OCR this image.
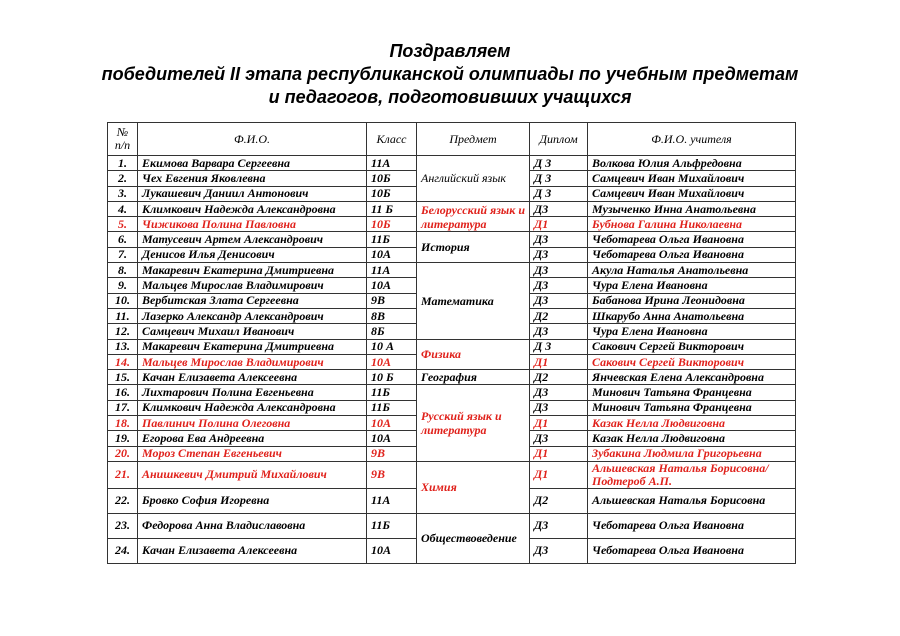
Поздравляем
победителей II этапа республиканской олимпиады по учебным предметам
и педагогов, подготовивших учащихся
№ п/п	Ф.И.О.	Класс	Предмет	Диплом	Ф.И.О. учителя
1.	Екимова Варвара Сергеевна	11А	Английский язык	Д 3	Волкова Юлия Альфредовна
2.	Чех Евгения Яковлевна	10Б		Д 3	Самцевич Иван Михайлович
3.	Лукашевич Даниил Антонович	10Б		Д 3	Самцевич Иван Михайлович
4.	Климкович Надежда Александровна	11 Б	Белорусский язык и литература	Д3	Музыченко Инна Анатольевна
5.	Чижикова Полина Павловна	10Б		Д1	Бубнова Галина Николаевна
6.	Матусевич Артем Александрович	11Б	История	Д3	Чеботарева Ольга Ивановна
7.	Денисов Илья Денисович	10А		Д3	Чеботарева Ольга Ивановна
8.	Макаревич Екатерина Дмитриевна	11А	Математика	Д3	Акула Наталья Анатольевна
9.	Мальцев Мирослав Владимирович	10А		Д3	Чура Елена Ивановна
10.	Вербитская Злата Сергеевна	9В		Д3	Бабанова Ирина Леонидовна
11.	Лазерко Александр Александрович	8В		Д2	Шкарубо Анна Анатольевна
12.	Самцевич Михаил Иванович	8Б		Д3	Чура Елена Ивановна
13.	Макаревич Екатерина Дмитриевна	10 А	Физика	Д 3	Сакович Сергей Викторович
14.	Мальцев Мирослав Владимирович	10А		Д1	Сакович Сергей Викторович
15.	Качан Елизавета Алексеевна	10 Б	География	Д2	Янчевская Елена Александровна
16.	Лихтарович Полина Евгеньевна	11Б	Русский язык и литература	Д3	Минович Татьяна Францевна
17.	Климкович Надежда Александровна	11Б		Д3	Минович Татьяна Францевна
18.	Павлинич Полина Олеговна	10А		Д1	Казак Нелла Людвиговна
19.	Егорова Ева Андреевна	10А		Д3	Казак Нелла Людвиговна
20.	Мороз Степан Евгеньевич	9В		Д1	Зубакина Людмила Григорьевна
21.	Анишкевич Дмитрий Михайлович	9В	Химия	Д1	Альшевская Наталья Борисовна/ Подтероб А.П.
22.	Бровко София Игоревна	11А		Д2	Альшевская Наталья Борисовна
23.	Федорова Анна Владиславовна	11Б	Обществоведение	Д3	Чеботарева Ольга Ивановна
24.	Качан Елизавета Алексеевна	10А		Д3	Чеботарева Ольга Ивановна
